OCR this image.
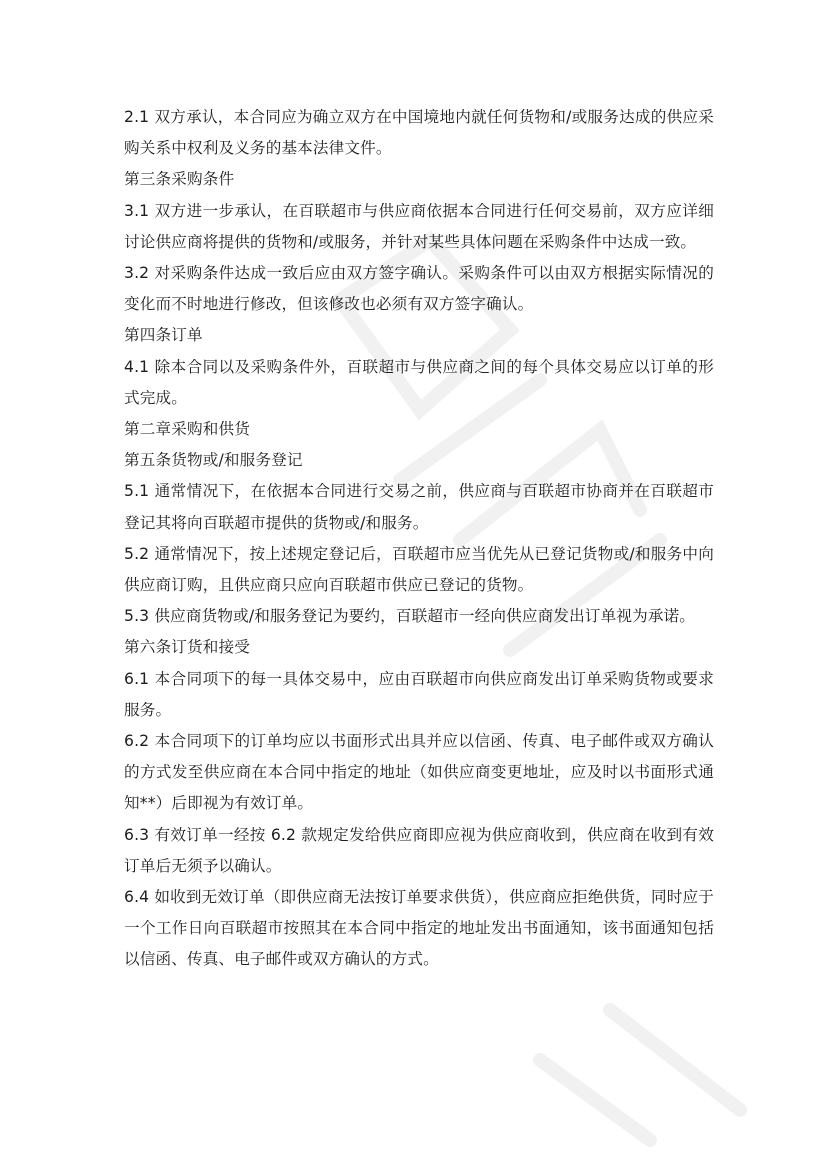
2.1 双方承认，本合同应为确立双方在中国境地内就任何货物和/或服务达成的供应采购关系中权利及义务的基本法律文件。

第三条采购条件

3.1 双方进一步承认，在百联超市与供应商依据本合同进行任何交易前，双方应详细讨论供应商将提供的货物和/或服务，并针对某些具体问题在采购条件中达成一致。

3.2 对采购条件达成一致后应由双方签字确认。采购条件可以由双方根据实际情况的变化而不时地进行修改，但该修改也必须有双方签字确认。

第四条订单

4.1 除本合同以及采购条件外，百联超市与供应商之间的每个具体交易应以订单的形式完成。

第二章采购和供货

第五条货物或/和服务登记

5.1 通常情况下，在依据本合同进行交易之前，供应商与百联超市协商并在百联超市登记其将向百联超市提供的货物或/和服务。

5.2 通常情况下，按上述规定登记后，百联超市应当优先从已登记货物或/和服务中向供应商订购，且供应商只应向百联超市供应已登记的货物。

5.3 供应商货物或/和服务登记为要约，百联超市一经向供应商发出订单视为承诺。

第六条订货和接受

6.1 本合同项下的每一具体交易中，应由百联超市向供应商发出订单采购货物或要求服务。

6.2 本合同项下的订单均应以书面形式出具并应以信函、传真、电子邮件或双方确认的方式发至供应商在本合同中指定的地址（如供应商变更地址，应及时以书面形式通知**）后即视为有效订单。

6.3 有效订单一经按 6.2 款规定发给供应商即应视为供应商收到，供应商在收到有效订单后无须予以确认。

6.4 如收到无效订单（即供应商无法按订单要求供货），供应商应拒绝供货，同时应于一个工作日向百联超市按照其在本合同中指定的地址发出书面通知，该书面通知包括以信函、传真、电子邮件或双方确认的方式。
